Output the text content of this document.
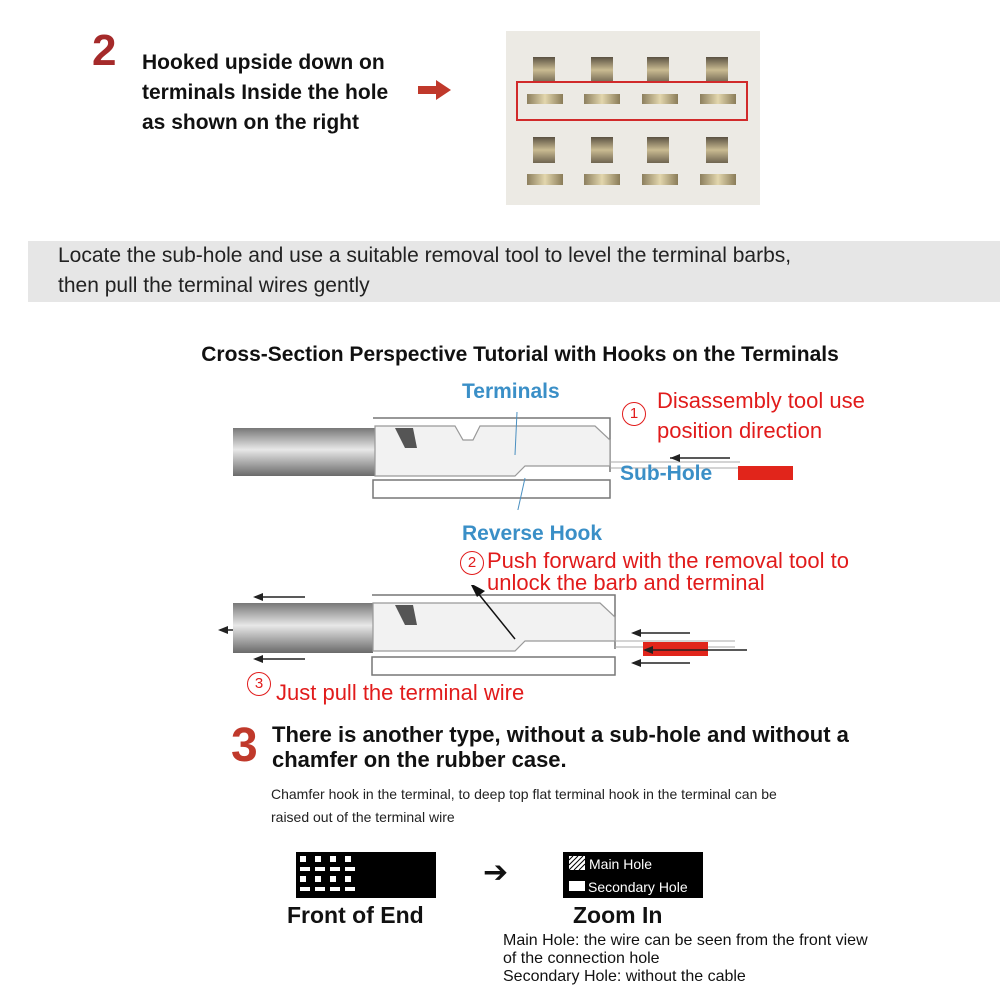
2 Hooked upside down on
terminals Inside the hole
as shown on the right
Locate the sub-hole and use a suitable removal tool to level the terminal barbs,
then pull the terminal wires gently
Cross-Section Perspective Tutorial with Hooks on the Terminals
Terminals
Sub-Hole
1
Disassembly tool use
position direction
Reverse Hook
2 Push forward with the removal tool to
unlock the barb and terminal
3 Just pull the terminal wire
3 There is another type, without a sub-hole and without a
chamfer on the rubber case.
Chamfer hook in the terminal, to deep top flat terminal hook in the terminal can be
raised out of the terminal wire
Front of End
➔	Main Hole
Secondary Hole
Zoom In
Main Hole: the wire can be seen from the front view
of the connection hole
Secondary Hole: without the cable
